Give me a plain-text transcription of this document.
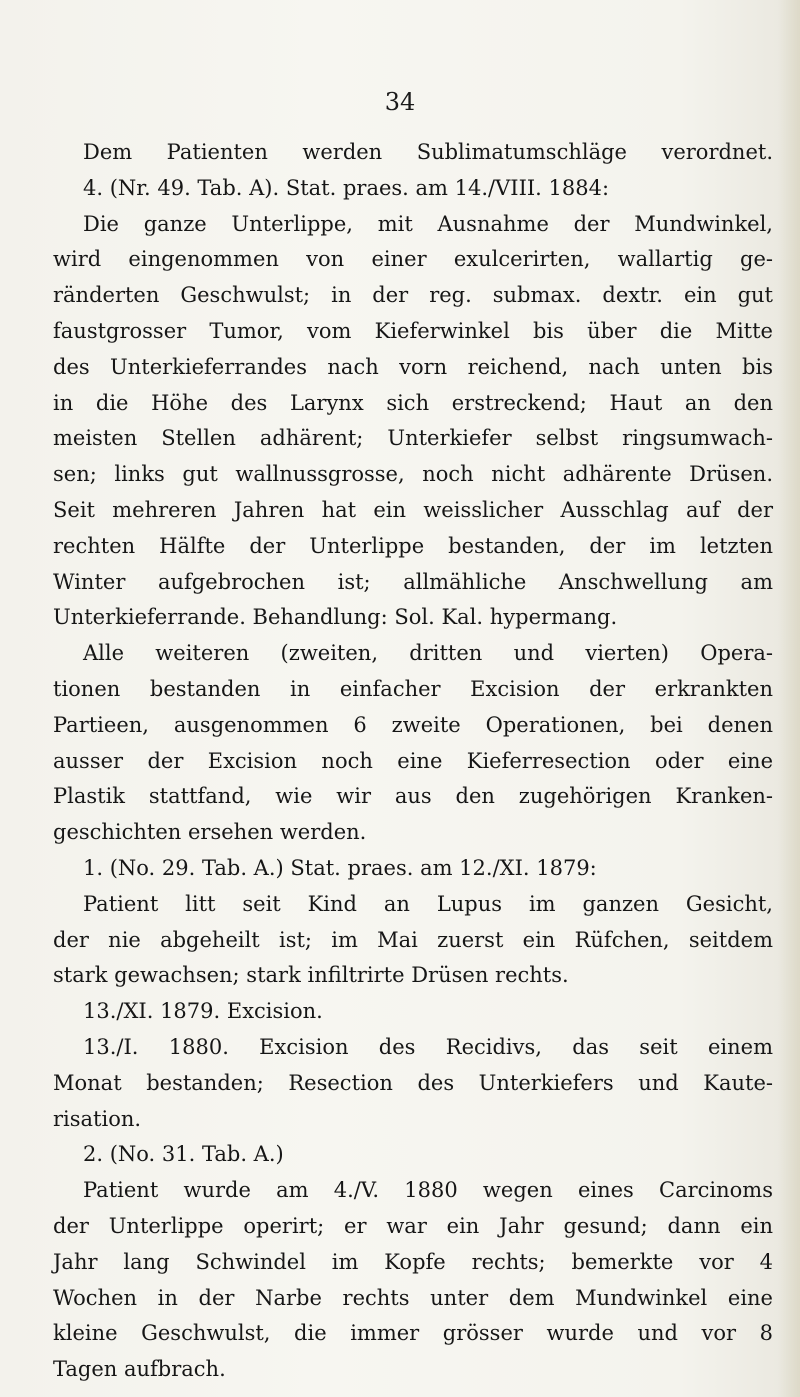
34
Dem Patienten werden Sublimatumschläge verordnet.
4. (Nr. 49. Tab. A). Stat. praes. am 14./VIII. 1884:
Die ganze Unterlippe, mit Ausnahme der Mundwinkel,
wird eingenommen von einer exulcerirten, wallartig ge-
ränderten Geschwulst; in der reg. submax. dextr. ein gut
faustgrosser Tumor, vom Kieferwinkel bis über die Mitte
des Unterkieferrandes nach vorn reichend, nach unten bis
in die Höhe des Larynx sich erstreckend; Haut an den
meisten Stellen adhärent; Unterkiefer selbst ringsumwach-
sen; links gut wallnussgrosse, noch nicht adhärente Drüsen.
Seit mehreren Jahren hat ein weisslicher Ausschlag auf der
rechten Hälfte der Unterlippe bestanden, der im letzten
Winter aufgebrochen ist; allmähliche Anschwellung am
Unterkieferrande. Behandlung: Sol. Kal. hypermang.
Alle weiteren (zweiten, dritten und vierten) Opera-
tionen bestanden in einfacher Excision der erkrankten
Partieen, ausgenommen 6 zweite Operationen, bei denen
ausser der Excision noch eine Kieferresection oder eine
Plastik stattfand, wie wir aus den zugehörigen Kranken-
geschichten ersehen werden.
1. (No. 29. Tab. A.) Stat. praes. am 12./XI. 1879:
Patient litt seit Kind an Lupus im ganzen Gesicht,
der nie abgeheilt ist; im Mai zuerst ein Rüfchen, seitdem
stark gewachsen; stark infiltrirte Drüsen rechts.
13./XI. 1879. Excision.
13./I. 1880. Excision des Recidivs, das seit einem
Monat bestanden; Resection des Unterkiefers und Kaute-
risation.
2. (No. 31. Tab. A.)
Patient wurde am 4./V. 1880 wegen eines Carcinoms
der Unterlippe operirt; er war ein Jahr gesund; dann ein
Jahr lang Schwindel im Kopfe rechts; bemerkte vor 4
Wochen in der Narbe rechts unter dem Mundwinkel eine
kleine Geschwulst, die immer grösser wurde und vor 8
Tagen aufbrach.
